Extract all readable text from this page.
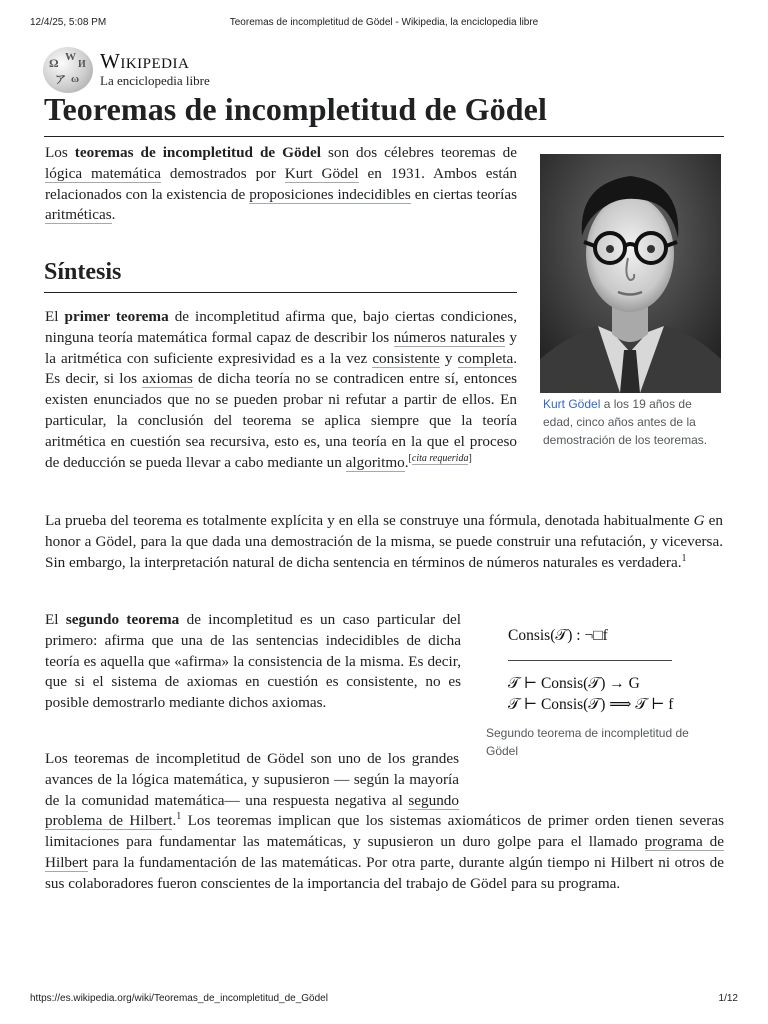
12/4/25, 5:08 PM	Teoremas de incompletitud de Gödel - Wikipedia, la enciclopedia libre
Ω W
И
ア ω
Wikipedia
La enciclopedia libre
Teoremas de incompletitud de Gödel

Los teoremas de incompletitud de Gödel son dos célebres teoremas de lógica matemática demostrados por Kurt Gödel en 1931. Ambos están relacionados con la existencia de proposiciones indecidibles en ciertas teorías aritméticas.

Síntesis

El primer teorema de incompletitud afirma que, bajo ciertas condiciones, ninguna teoría matemática formal capaz de describir los números naturales y la aritmética con suficiente expresividad es a la vez consistente y completa. Es decir, si los axiomas de dicha teoría no se contradicen entre sí, entonces existen enunciados que no se pueden probar ni refutar a partir de ellos. En particular, la conclusión del teorema se aplica siempre que la teoría aritmética en cuestión sea recursiva, esto es, una teoría en la que el proceso de deducción se pueda llevar a cabo mediante un algoritmo.[cita requerida]

La prueba del teorema es totalmente explícita y en ella se construye una fórmula, denotada habitualmente G en honor a Gödel, para la que dada una demostración de la misma, se puede construir una refutación, y viceversa. Sin embargo, la interpretación natural de dicha sentencia en términos de números naturales es verdadera.$^1$

El segundo teorema de incompletitud es un caso particular del primero: afirma que una de las sentencias indecidibles de dicha teoría es aquella que «afirma» la consistencia de la misma. Es decir, que si el sistema de axiomas en cuestión es consistente, no es posible demostrarlo mediante dichos axiomas.

Los teoremas de incompletitud de Gödel son uno de los grandes avances de la lógica matemática, y supusieron — según la mayoría de la comunidad matemática— una respuesta negativa al segundo problema de Hilbert.$^1$ Los teoremas implican que los sistemas axiomáticos de primer orden tienen severas limitaciones para fundamentar las matemáticas, y supusieron un duro golpe para el llamado programa de Hilbert para la fundamentación de las matemáticas. Por otra parte, durante algún tiempo ni Hilbert ni otros de sus colaboradores fueron conscientes de la importancia del trabajo de Gödel para su programa.

Kurt Gödel a los 19 años de edad, cinco años antes de la demostración de los teoremas.
Consis(𝒯) : ¬□f
𝒯 ⊢ Consis(𝒯) → G
𝒯 ⊢ Consis(𝒯) ⟹ 𝒯 ⊢ f
Segundo teorema de incompletitud de Gödel
https://es.wikipedia.org/wiki/Teoremas_de_incompletitud_de_Gödel	1/12
